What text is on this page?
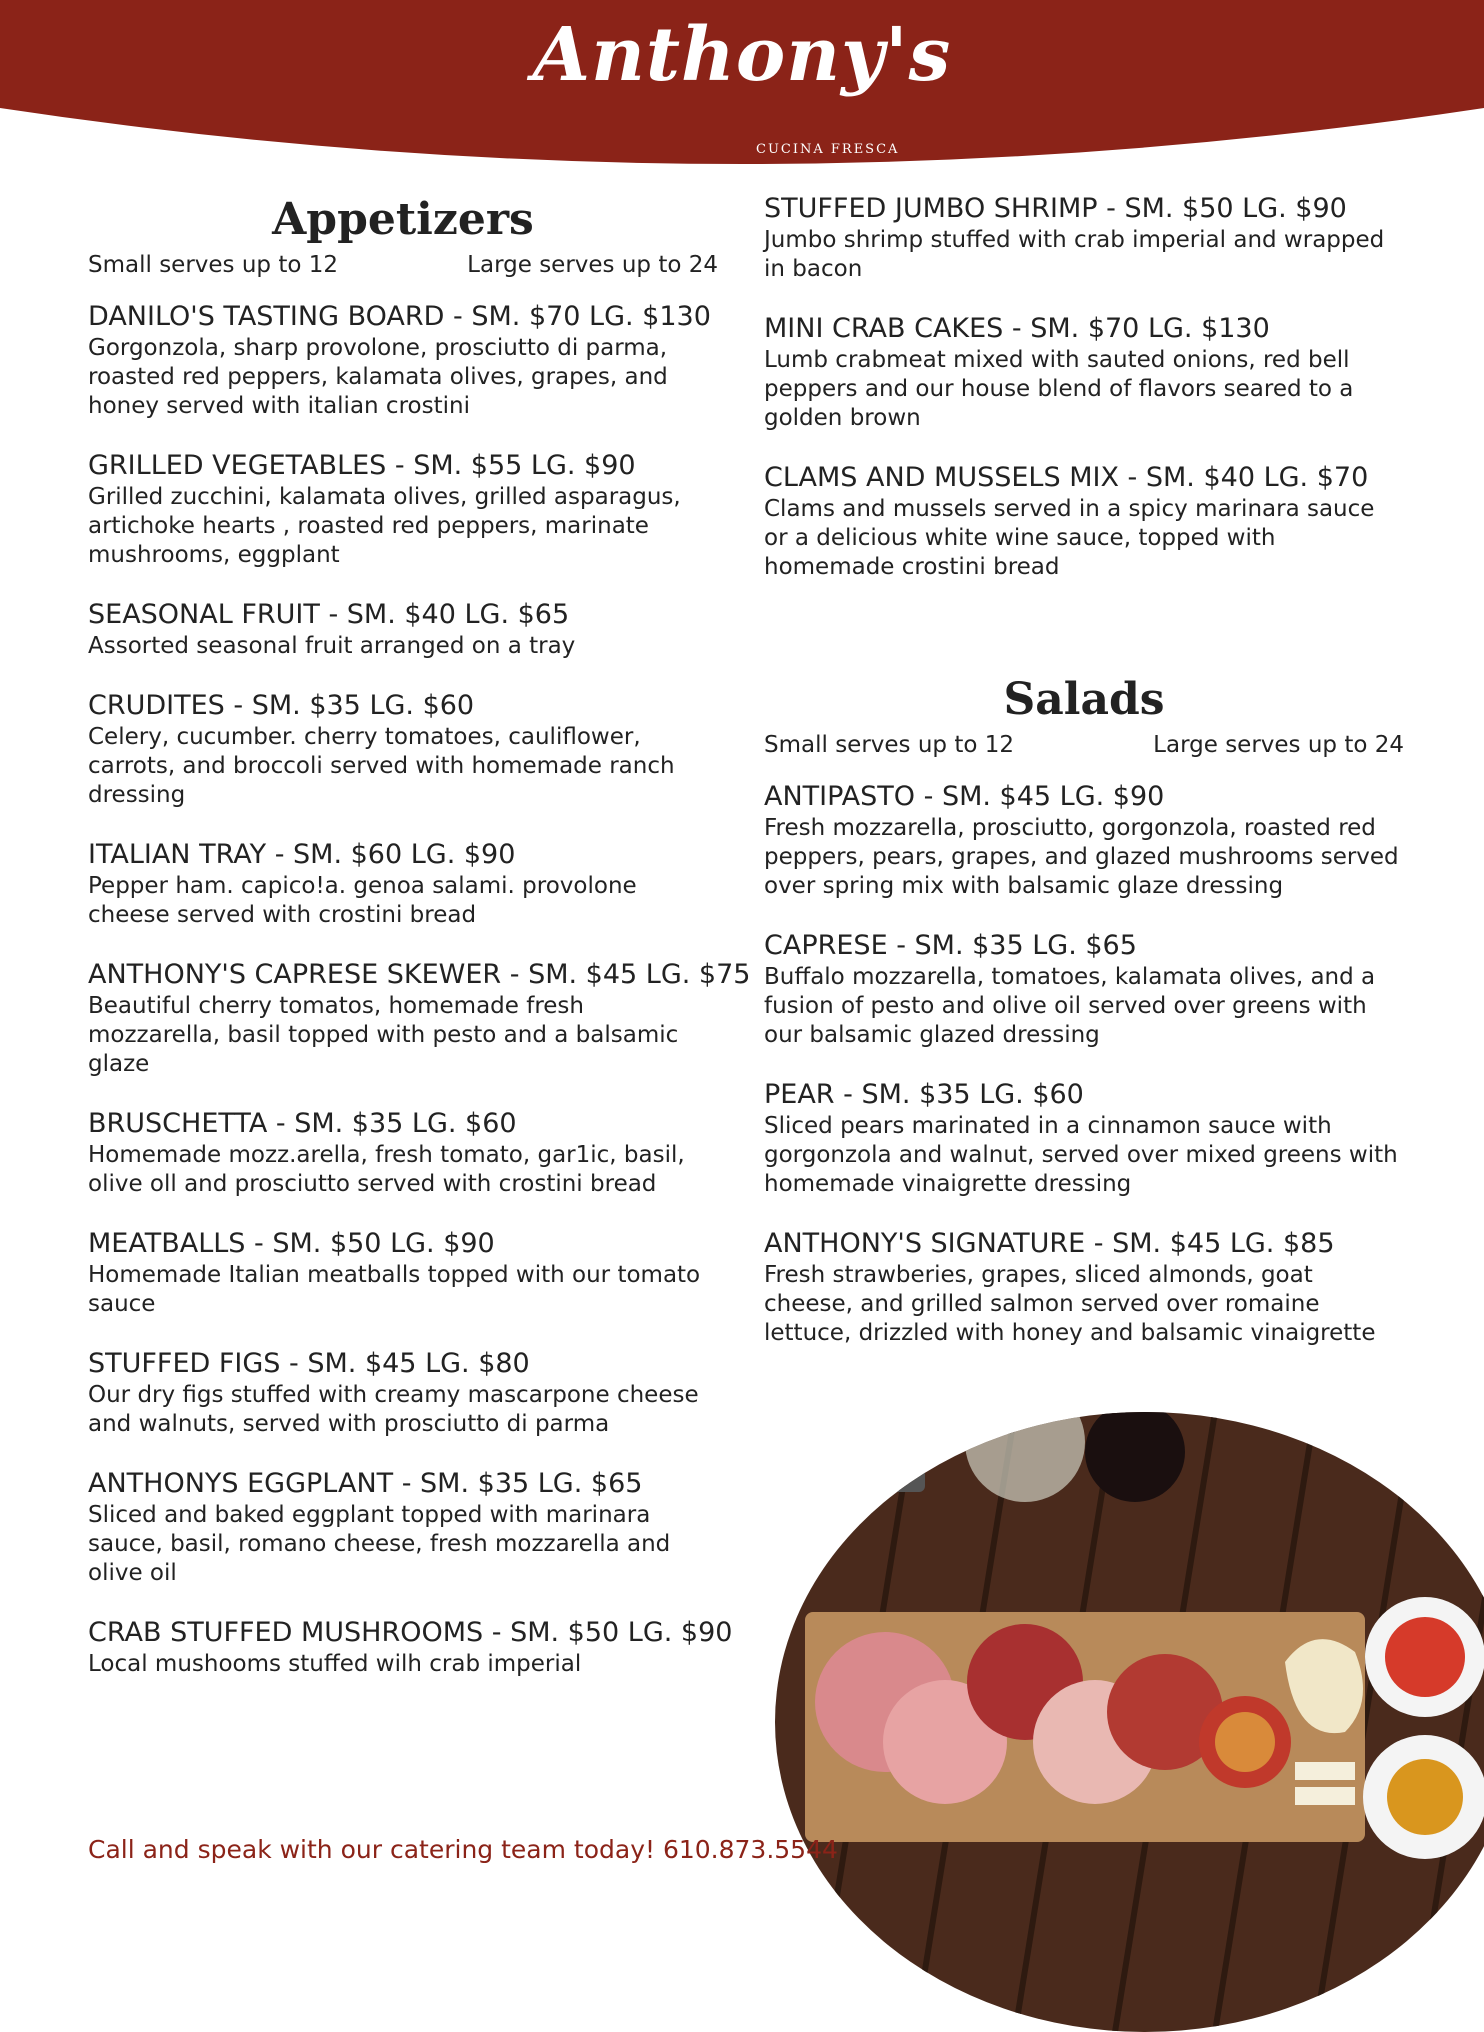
Anthony's
CUCINA FRESCA
Appetizers
Small serves up to 12	Large serves up to 24
DANILO'S TASTING BOARD - SM. $70 LG. $130
Gorgonzola, sharp provolone, prosciutto di parma, roasted red peppers, kalamata olives, grapes, and honey served with italian crostini
GRILLED VEGETABLES - SM. $55 LG. $90
Grilled zucchini, kalamata olives, grilled asparagus, artichoke hearts , roasted red peppers, marinate mushrooms, eggplant
SEASONAL FRUIT - SM. $40 LG. $65
Assorted seasonal fruit arranged on a tray
CRUDITES - SM. $35 LG. $60
Celery, cucumber. cherry tomatoes, cauliflower, carrots, and broccoli served with homemade ranch dressing
ITALIAN TRAY - SM. $60 LG. $90
Pepper ham. capico!a. genoa salami. provolone cheese served with crostini bread
ANTHONY'S CAPRESE SKEWER - SM. $45 LG. $75
Beautiful cherry tomatos, homemade fresh mozzarella, basil topped with pesto and a balsamic glaze
BRUSCHETTA - SM. $35 LG. $60
Homemade mozz.arella, fresh tomato, gar1ic, basil, olive oll and prosciutto served with crostini bread
MEATBALLS - SM. $50 LG. $90
Homemade Italian meatballs topped with our tomato sauce
STUFFED FIGS - SM. $45 LG. $80
Our dry figs stuffed with creamy mascarpone cheese and walnuts, served with prosciutto di parma
ANTHONYS EGGPLANT - SM. $35 LG. $65
Sliced and baked eggplant topped with marinara sauce, basil, romano cheese, fresh mozzarella and olive oil
CRAB STUFFED MUSHROOMS - SM. $50 LG. $90
Local mushooms stuffed wilh crab imperial
STUFFED JUMBO SHRIMP - SM. $50 LG. $90
Jumbo shrimp stuffed with crab imperial and wrapped in bacon
MINI CRAB CAKES - SM. $70 LG. $130
Lumb crabmeat mixed with sauted onions, red bell peppers and our house blend of flavors seared to a golden brown
CLAMS AND MUSSELS MIX - SM. $40 LG. $70
Clams and mussels served in a spicy marinara sauce or a delicious white wine sauce, topped with homemade crostini bread
Salads
Small serves up to 12	Large serves up to 24
ANTIPASTO - SM. $45 LG. $90
Fresh mozzarella, prosciutto, gorgonzola, roasted red peppers, pears, grapes, and glazed mushrooms served over spring mix with balsamic glaze dressing
CAPRESE - SM. $35 LG. $65
Buffalo mozzarella, tomatoes, kalamata olives, and a fusion of pesto and olive oil served over greens with our balsamic glazed dressing
PEAR - SM. $35 LG. $60
Sliced pears marinated in a cinnamon sauce with gorgonzola and walnut, served over mixed greens with homemade vinaigrette dressing
ANTHONY'S SIGNATURE - SM. $45 LG. $85
Fresh strawberies, grapes, sliced almonds, goat cheese, and grilled salmon served over romaine lettuce, drizzled with honey and balsamic vinaigrette
Call and speak with our catering team today! 610.873.5544
